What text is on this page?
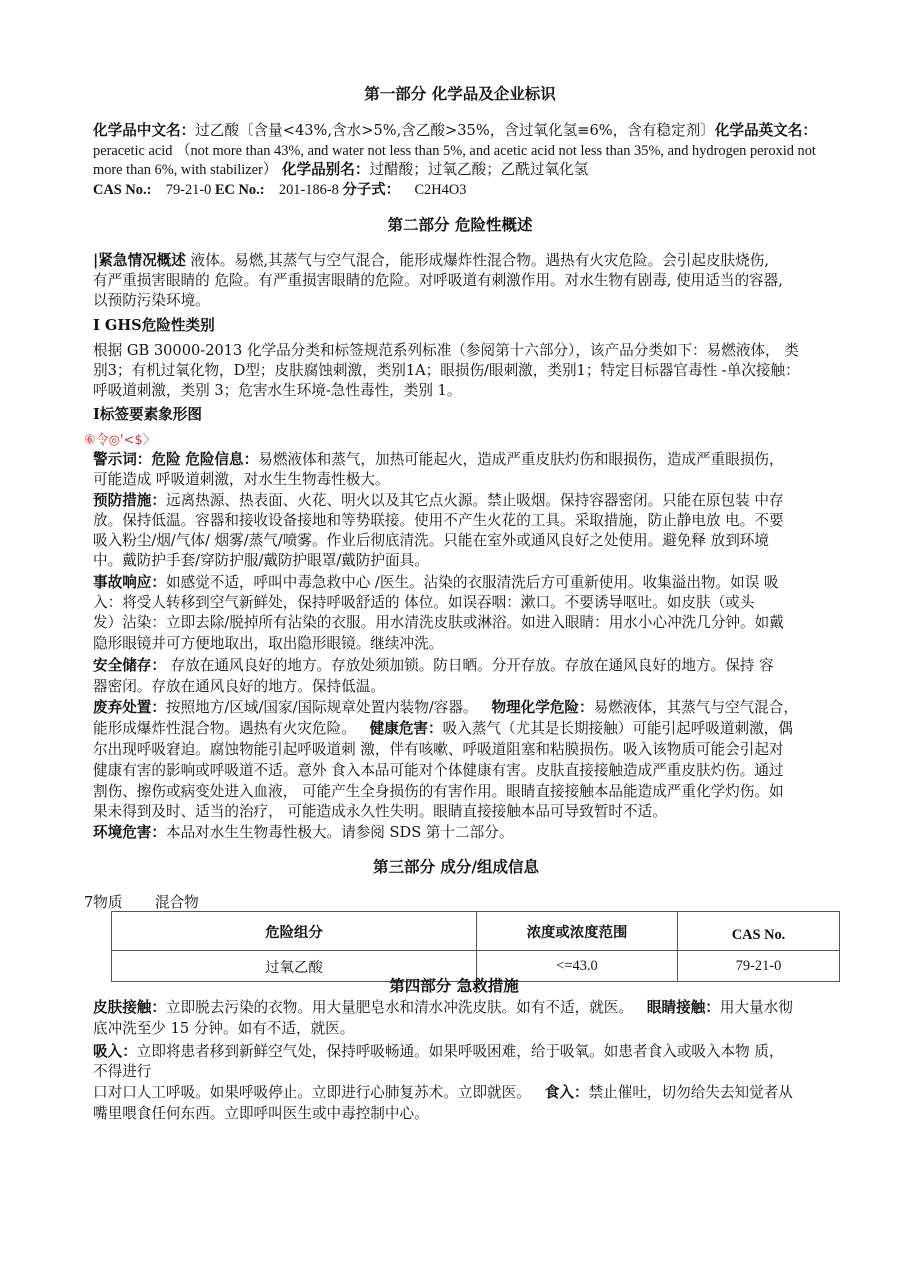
第一部分 化学品及企业标识
化学品中文名：过乙酸〔含量<43%,含水>5%,含乙酸>35%，含过氧化氢≡6%，含有稳定剂〕化学品英文名：
peracetic acid （not more than 43%, and water not less than 5%, and acetic acid not less than 35%, and hydrogen peroxid not
more than 6%, with stabilizer） 化学品别名：过醋酸；过氧乙酸；乙酰过氧化氢
CAS No.: 79-21-0 EC No.: 201-186-8 分子式： C2H4O3
第二部分 危险性概述
|紧急情况概述 液体。易燃,其蒸气与空气混合，能形成爆炸性混合物。遇热有火灾危险。会引起皮肤烧伤,
有严重损害眼睛的 危险。有严重损害眼睛的危险。对呼吸道有刺激作用。对水生物有剧毒, 使用适当的容器,
以预防污染环境。
I GHS危险性类别
根据 GB 30000-2013 化学品分类和标签规范系列标准（参阅第十六部分），该产品分类如下：易燃液体， 类
别3；有机过氧化物，D型；皮肤腐蚀刺激，类别1A；眼损伤/眼刺激，类别1；特定目标器官毒性 -单次接触：
呼吸道刺激，类别 3；危害水生环境-急性毒性，类别 1。
I标签要素象形图
⑥令◎'<$〉
警示词：危险 危险信息：易燃液体和蒸气，加热可能起火，造成严重皮肤灼伤和眼损伤，造成严重眼损伤，
可能造成 呼吸道刺激，对水生生物毒性极大。
预防措施：远离热源、热表面、火花、明火以及其它点火源。禁止吸烟。保持容器密闭。只能在原包装 中存
放。保持低温。容器和接收设备接地和等势联接。使用不产生火花的工具。采取措施，防止静电放 电。不要
吸入粉尘/烟/气体/ 烟雾/蒸气/喷雾。作业后彻底清洗。只能在室外或通风良好之处使用。避免释 放到环境
中。戴防护手套/穿防护服/戴防护眼罩/戴防护面具。
事故响应：如感觉不适，呼叫中毒急救中心 /医生。沾染的衣服清洗后方可重新使用。收集溢出物。如误 吸
入：将受人转移到空气新鲜处，保持呼吸舒适的 体位。如误吞咽：漱口。不要诱导呕吐。如皮肤（或头
发）沾染：立即去除/脱掉所有沾染的衣服。用水清洗皮肤或淋浴。如进入眼睛：用水小心冲洗几分钟。如戴
隐形眼镜并可方便地取出，取出隐形眼镜。继续冲洗。
安全储存： 存放在通风良好的地方。存放处须加锁。防日晒。分开存放。存放在通风良好的地方。保持 容
器密闭。存放在通风良好的地方。保持低温。
废弃处置：按照地方/区域/国家/国际规章处置内装物/容器。 物理化学危险：易燃液体，其蒸气与空气混合，
能形成爆炸性混合物。遇热有火灾危险。 健康危害：吸入蒸气（尤其是长期接触）可能引起呼吸道刺激，偶
尔出现呼吸窘迫。腐蚀物能引起呼吸道刺 激，伴有咳嗽、呼吸道阻塞和粘膜损伤。吸入该物质可能会引起对
健康有害的影响或呼吸道不适。意外 食入本品可能对个体健康有害。皮肤直接接触造成严重皮肤灼伤。通过
割伤、擦伤或病变处进入血液， 可能产生全身损伤的有害作用。眼睛直接接触本品能造成严重化学灼伤。如
果未得到及时、适当的治疗， 可能造成永久性失明。眼睛直接接触本品可导致暂时不适。
环境危害：本品对水生生物毒性极大。请参阅 SDS 第十二部分。
第三部分 成分/组成信息
7物质 混合物
危险组分	浓度或浓度范围	CAS No.
过氧乙酸	<=43.0	79-21-0
第四部分 急救措施
皮肤接触：立即脱去污染的衣物。用大量肥皂水和清水冲洗皮肤。如有不适，就医。 眼睛接触：用大量水彻
底冲洗至少 15 分钟。如有不适，就医。
吸入：立即将患者移到新鲜空气处，保持呼吸畅通。如果呼吸困难，给于吸氧。如患者食入或吸入本物 质，
不得进行
口对口人工呼吸。如果呼吸停止。立即进行心肺复苏术。立即就医。 食入：禁止催吐，切勿给失去知觉者从
嘴里喂食任何东西。立即呼叫医生或中毒控制中心。
